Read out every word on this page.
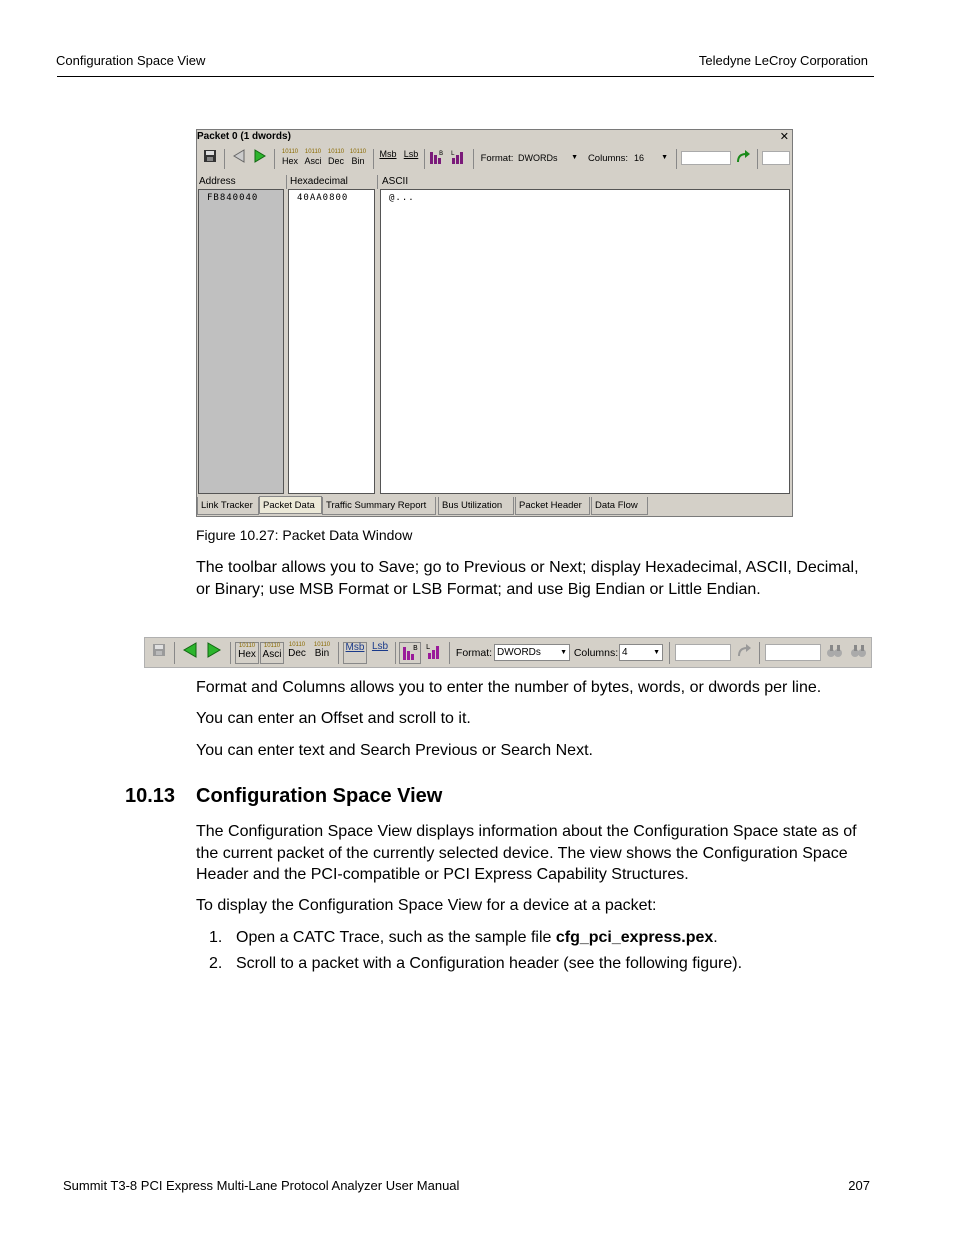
Configuration Space View	Teledyne LeCroy Corporation
Packet 0 (1 dwords)	✕
10110
Hex
10110
Asci
10110
Dec
10110
Bin
Msb Lsb	B L	Format: DWORDs ▼	Columns: 16 ▼
Address	Hexadecimal	ASCII
FB840040	40AA0800	@...
Link Tracker	Packet Data	Traffic Summary Report	Bus Utilization	Packet Header	Data Flow
Figure 10.27: Packet Data Window
The toolbar allows you to Save; go to Previous or Next; display Hexadecimal, ASCII, Decimal, or Binary; use MSB Format or LSB Format; and use Big Endian or Little Endian.
10110
Hex
10110
Asci
10110
Dec
10110
Bin
Msb Lsb	B L Format: DWORDs	▼ Columns: 4	▼
Format and Columns allows you to enter the number of bytes, words, or dwords per line.
You can enter an Offset and scroll to it.
You can enter text and Search Previous or Search Next.
10.13 Configuration Space View
The Configuration Space View displays information about the Configuration Space state as of the current packet of the currently selected device. The view shows the Configuration Space Header and the PCI-compatible or PCI Express Capability Structures.
To display the Configuration Space View for a device at a packet:
1. Open a CATC Trace, such as the sample file cfg_pci_express.pex.
2. Scroll to a packet with a Configuration header (see the following figure).
Summit T3-8 PCI Express Multi-Lane Protocol Analyzer User Manual	207
